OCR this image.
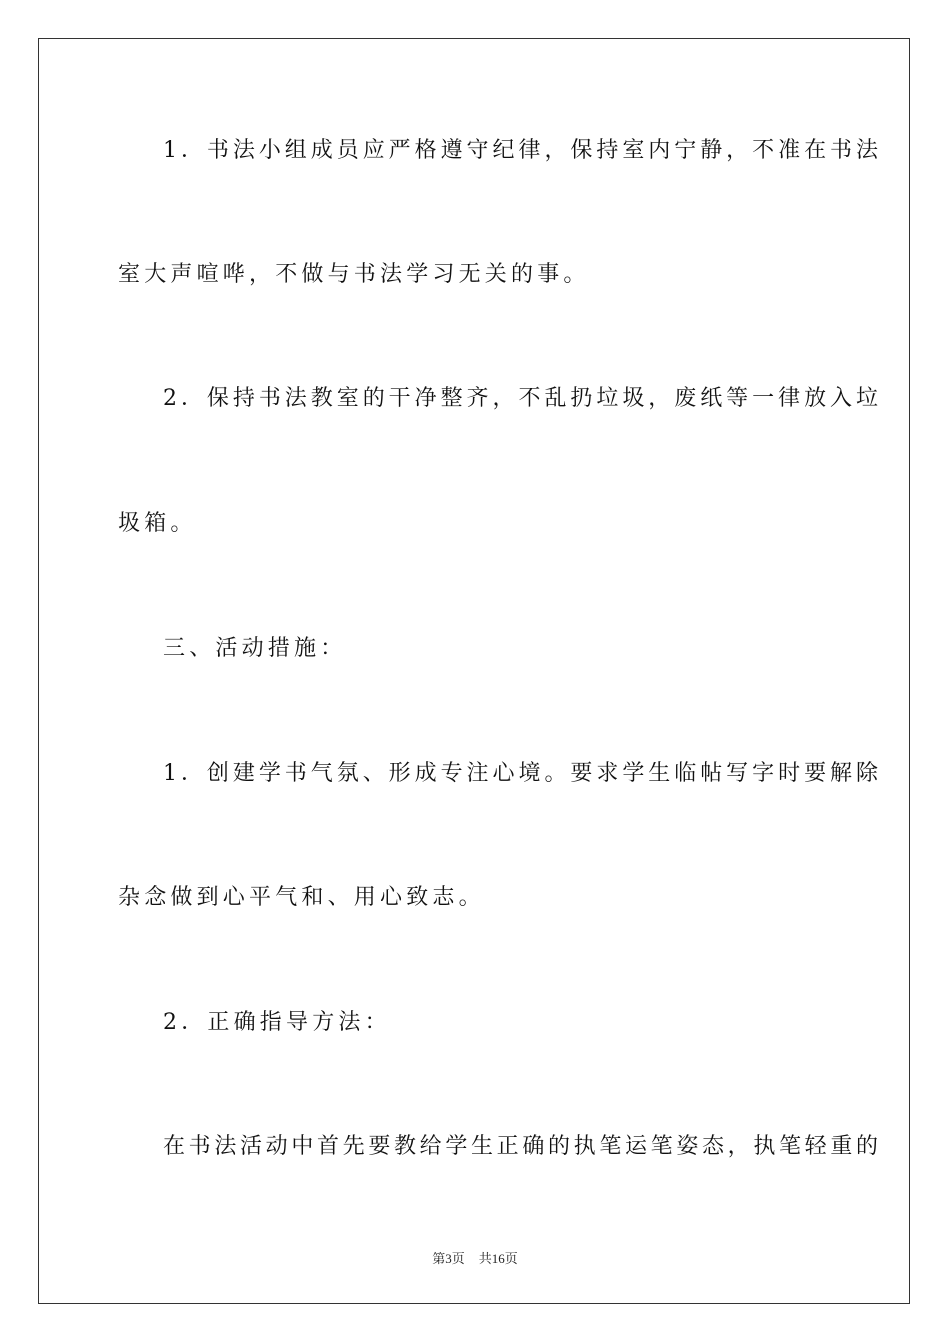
1．书法小组成员应严格遵守纪律，保持室内宁静，不准在书法
室大声喧哗，不做与书法学习无关的事。
2．保持书法教室的干净整齐，不乱扔垃圾，废纸等一律放入垃
圾箱。
三、活动措施：
1．创建学书气氛、形成专注心境。要求学生临帖写字时要解除
杂念做到心平气和、用心致志。
2．正确指导方法：
在书法活动中首先要教给学生正确的执笔运笔姿态，执笔轻重的
第3页 共16页
